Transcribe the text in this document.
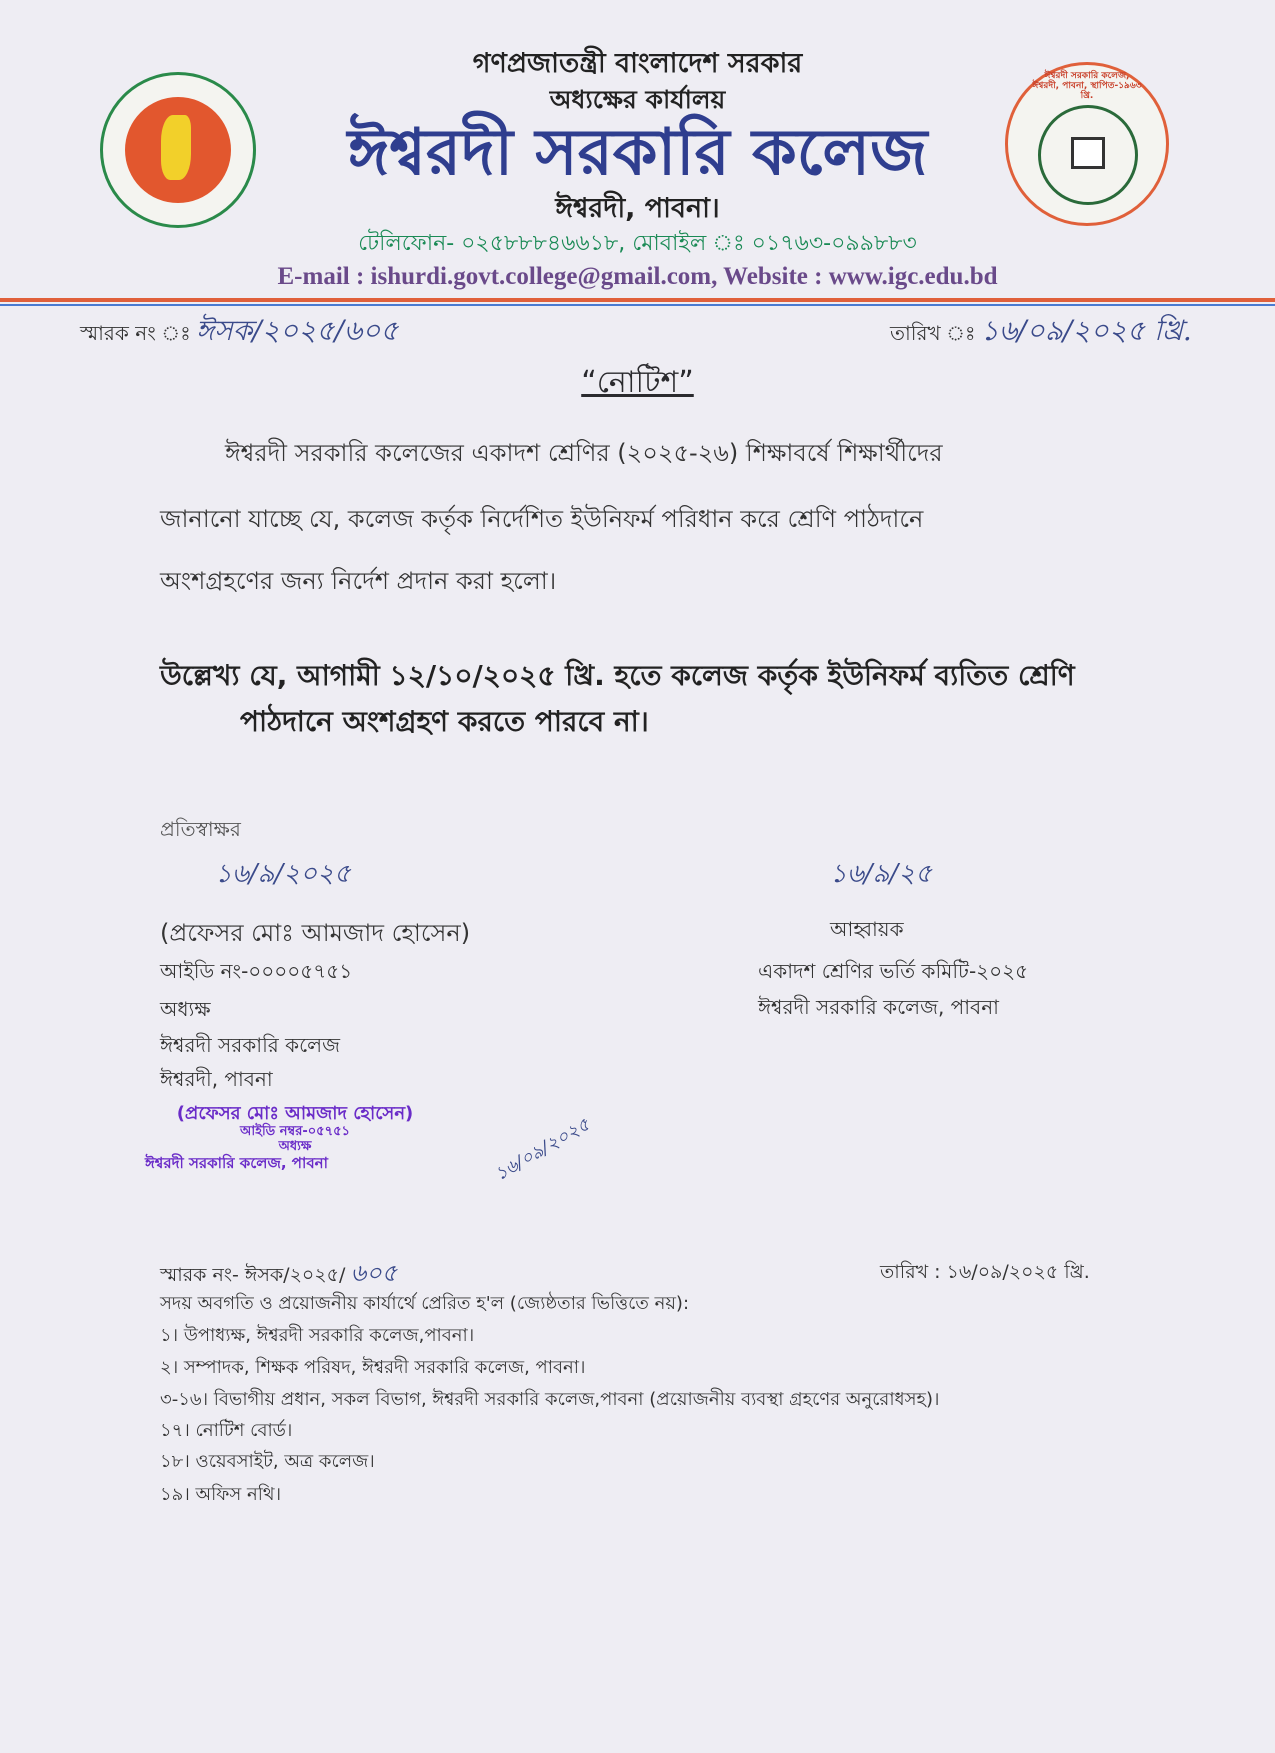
ঈশ্বরদী সরকারি কলেজ, ঈশ্বরদী, পাবনা, স্থাপিত-১৯৬৩ খ্রি.
গণপ্রজাতন্ত্রী বাংলাদেশ সরকার
অধ্যক্ষের কার্যালয়
ঈশ্বরদী সরকারি কলেজ
ঈশ্বরদী, পাবনা।
টেলিফোন- ০২৫৮৮৮৪৬৬১৮, মোবাইল ঃ ০১৭৬৩-০৯৯৮৮৩
E-mail : ishurdi.govt.college@gmail.com, Website : www.igc.edu.bd
স্মারক নং ঃ ঈসক/২০২৫/৬০৫	তারিখ ঃ ১৬/০৯/২০২৫ খ্রি.
“নোটিশ”
ঈশ্বরদী সরকারি কলেজের একাদশ শ্রেণির (২০২৫-২৬) শিক্ষাবর্ষে শিক্ষার্থীদের
জানানো যাচ্ছে যে, কলেজ কর্তৃক নির্দেশিত ইউনিফর্ম পরিধান করে শ্রেণি পাঠদানে
অংশগ্রহণের জন্য নির্দেশ প্রদান করা হলো।
উল্লেখ্য যে, আগামী ১২/১০/২০২৫ খ্রি. হতে কলেজ কর্তৃক ইউনিফর্ম ব্যতিত শ্রেণি
পাঠদানে অংশগ্রহণ করতে পারবে না।
প্রতিস্বাক্ষর
১৬/৯/২০২৫
(প্রফেসর মোঃ আমজাদ হোসেন)
আইডি নং-০০০০৫৭৫১
অধ্যক্ষ
ঈশ্বরদী সরকারি কলেজ
ঈশ্বরদী, পাবনা
(প্রফেসর মোঃ আমজাদ হোসেন)
আইডি নম্বর-০৫৭৫১
অধ্যক্ষ
ঈশ্বরদী সরকারি কলেজ, পাবনা	১৬/০৯/২০২৫
১৬/৯/২৫
আহ্বায়ক
একাদশ শ্রেণির ভর্তি কমিটি-২০২৫
ঈশ্বরদী সরকারি কলেজ, পাবনা
স্মারক নং- ঈসক/২০২৫/ ৬০৫	তারিখ : ১৬/০৯/২০২৫ খ্রি.
সদয় অবগতি ও প্রয়োজনীয় কার্যার্থে প্রেরিত হ'ল (জ্যেষ্ঠতার ভিত্তিতে নয়):
১। উপাধ্যক্ষ, ঈশ্বরদী সরকারি কলেজ,পাবনা।
২। সম্পাদক, শিক্ষক পরিষদ, ঈশ্বরদী সরকারি কলেজ, পাবনা।
৩-১৬। বিভাগীয় প্রধান, সকল বিভাগ, ঈশ্বরদী সরকারি কলেজ,পাবনা (প্রয়োজনীয় ব্যবস্থা গ্রহণের অনুরোধসহ)।
১৭। নোটিশ বোর্ড।
১৮। ওয়েবসাইট, অত্র কলেজ।
১৯। অফিস নথি।
